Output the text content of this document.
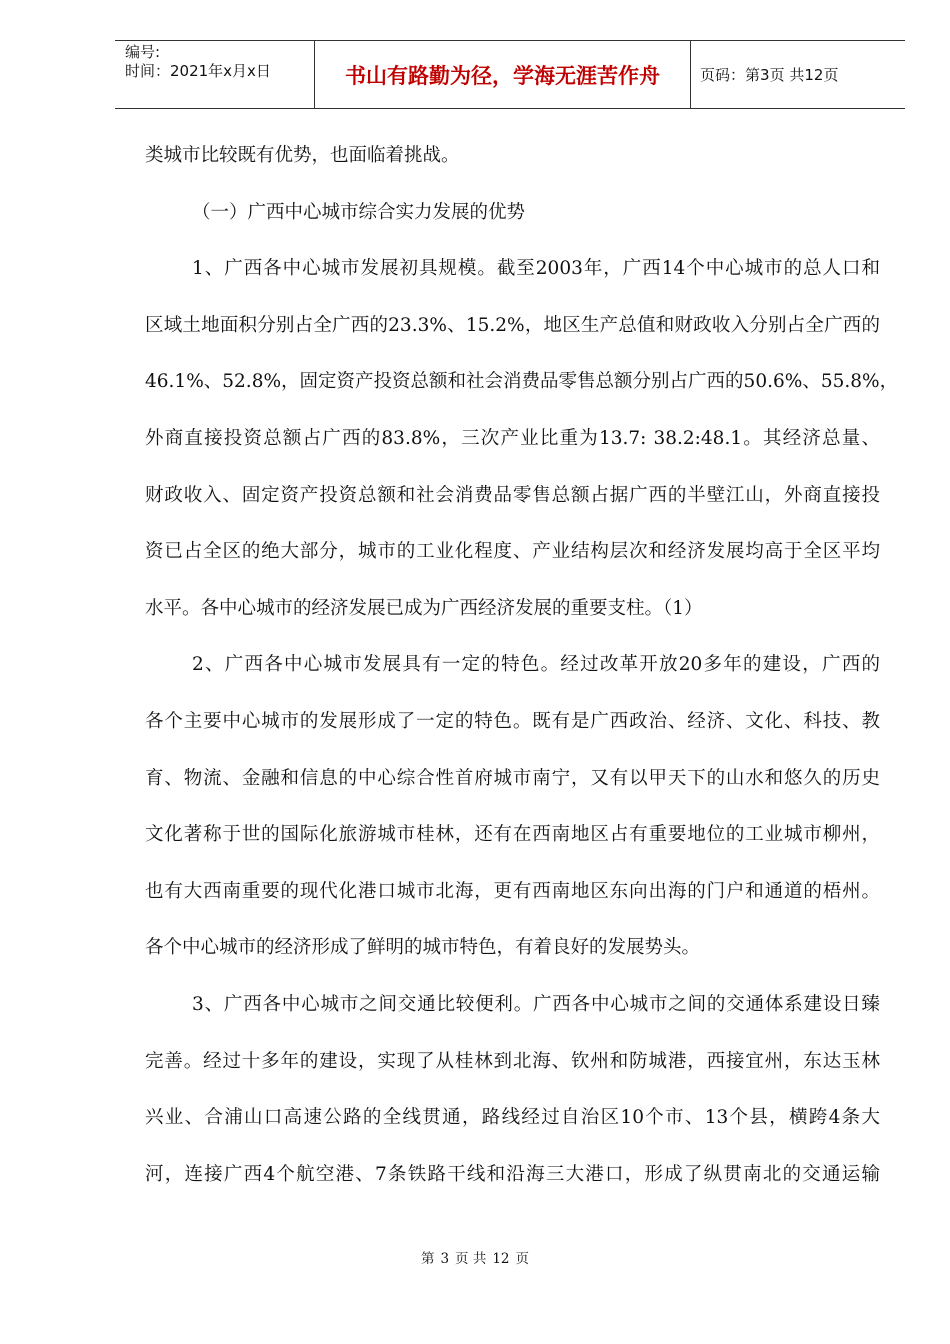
编号:
时间：2021年x月x日	书山有路勤为径，学海无涯苦作舟	页码：第 3 页 共 12 页
类城市比较既有优势，也面临着挑战。
（一）广西中心城市综合实力发展的优势
1、广西各中心城市发展初具规模。截至2003年，广西14个中心城市的总人口和
区域土地面积分别占全广西的23.3%、15.2%，地区生产总值和财政收入分别占全广西的
46.1%、52.8%，固定资产投资总额和社会消费品零售总额分别占广西的50.6%、55.8%，
外商直接投资总额占广西的83.8%，三次产业比重为13.7: 38.2:48.1。其经济总量、
财政收入、固定资产投资总额和社会消费品零售总额占据广西的半壁江山，外商直接投
资已占全区的绝大部分，城市的工业化程度、产业结构层次和经济发展均高于全区平均
水平。各中心城市的经济发展已成为广西经济发展的重要支柱。（1）
2、广西各中心城市发展具有一定的特色。经过改革开放20多年的建设，广西的
各个主要中心城市的发展形成了一定的特色。既有是广西政治、经济、文化、科技、教
育、物流、金融和信息的中心综合性首府城市南宁，又有以甲天下的山水和悠久的历史
文化著称于世的国际化旅游城市桂林，还有在西南地区占有重要地位的工业城市柳州，
也有大西南重要的现代化港口城市北海，更有西南地区东向出海的门户和通道的梧州。
各个中心城市的经济形成了鲜明的城市特色，有着良好的发展势头。
3、广西各中心城市之间交通比较便利。广西各中心城市之间的交通体系建设日臻
完善。经过十多年的建设，实现了从桂林到北海、钦州和防城港，西接宜州，东达玉林
兴业、合浦山口高速公路的全线贯通，路线经过自治区10个市、13个县，横跨4条大
河，连接广西4个航空港、7条铁路干线和沿海三大港口，形成了纵贯南北的交通运输
第 3 页 共 12 页
